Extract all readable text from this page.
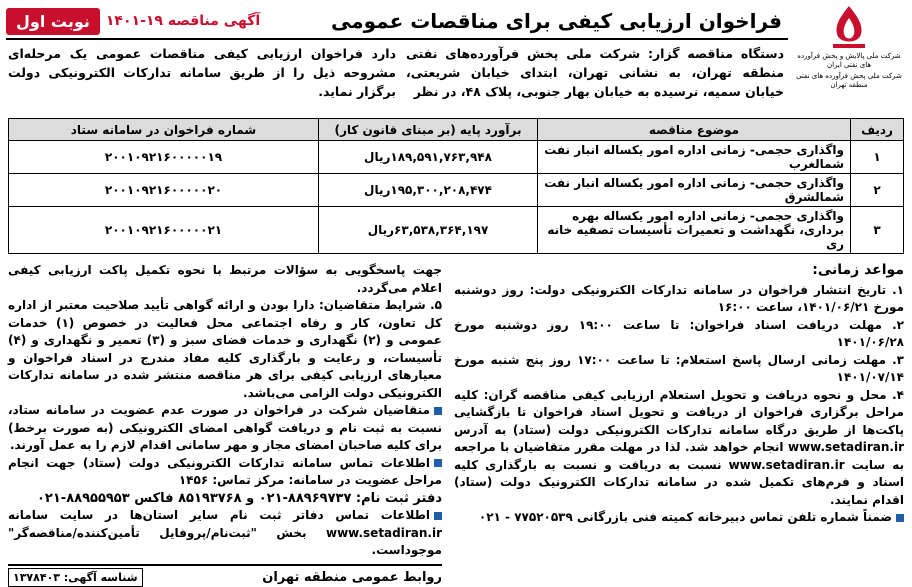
فراخوان ارزیابی کیفی برای مناقصات عمومی
آگهی مناقصه ۱۹-۱۴۰۱
نوبت اول
شرکت ملی پالایش و پخش فرآورده های نفتی ایران
شرکت ملی پخش فرآورده های نفتی منطقه تهران
دستگاه مناقصه گزار: شرکت ملی پخش فرآورده‌های نفتی منطقه تهران، به نشانی تهران، ابتدای خیابان شریعتی، خیابان سمیه، نرسیده به خیابان بهار جنوبی، پلاک ۴۸، در نظر
دارد فراخوان ارزیابی کیفی مناقصات عمومی یک مرحله‌ای مشروحه ذیل را از طریق سامانه تدارکات الکترونیکی دولت برگزار نماید.
ردیف	موضوع مناقصه	برآورد پایه (بر مبنای قانون کار)	شماره فراخوان در سامانه ستاد
۱	واگذاری حجمی- زمانی اداره امور یکساله انبار نفت شمالغرب	۱۸۹,۵۹۱,۷۶۳,۹۴۸ریال	۲۰۰۱۰۹۲۱۶۰۰۰۰۰۱۹
۲	واگذاری حجمی- زمانی اداره امور یکساله انبار نفت شمالشرق	۱۹۵,۳۰۰,۲۰۸,۴۷۴ریال	۲۰۰۱۰۹۲۱۶۰۰۰۰۰۲۰
۳	واگذاری حجمی- زمانی اداره امور یکساله بهره برداری، نگهداشت و تعمیرات تأسیسات تصفیه خانه ری	۶۳,۵۳۸,۳۶۴,۱۹۷ریال	۲۰۰۱۰۹۲۱۶۰۰۰۰۰۲۱
مواعد زمانی:

۱. تاریخ انتشار فراخوان در سامانه تدارکات الکترونیکی دولت: روز دوشنبه مورخ ۱۴۰۱/۰۶/۲۱، ساعت ۱۶:۰۰

۲. مهلت دریافت اسناد فراخوان: تا ساعت ۱۹:۰۰ روز دوشنبه مورخ ۱۴۰۱/۰۶/۲۸

۳. مهلت زمانی ارسال پاسخ استعلام: تا ساعت ۱۷:۰۰ روز پنج شنبه مورخ ۱۴۰۱/۰۷/۱۴

۴. محل و نحوه دریافت و تحویل استعلام ارزیابی کیفی مناقصه گران: کلیه مراحل برگزاری فراخوان از دریافت و تحویل اسناد فراخوان تا بازگشایی پاکت‌ها از طریق درگاه سامانه تدارکات الکترونیکی دولت (ستاد) به آدرس www.setadiran.ir انجام خواهد شد. لذا در مهلت مقرر متقاضیان با مراجعه به سایت www.setadiran.ir نسبت به دریافت و نسبت به بارگذاری کلیه اسناد و فرم‌های تکمیل شده در سامانه تدارکات الکترونیک دولت (ستاد) اقدام نمایند.

ضمناً شماره تلفن تماس دبیرخانه کمیته فنی بازرگانی ۷۷۵۲۰۵۳۹ - ۰۲۱

جهت پاسخگویی به سؤالات مرتبط با نحوه تکمیل پاکت ارزیابی کیفی اعلام می‌گردد.

۵. شرایط متقاضیان: دارا بودن و ارائه گواهی تأیید صلاحیت معتبر از اداره کل تعاون، کار و رفاه اجتماعی محل فعالیت در خصوص (۱) خدمات عمومی و (۲) نگهداری و خدمات فضای سبز و (۳) تعمیر و نگهداری و (۴) تأسیسات، و رعایت و بارگذاری کلیه مفاد مندرج در اسناد فراخوان و معیارهای ارزیابی کیفی برای هر مناقصه منتشر شده در سامانه تدارکات الکترونیکی دولت الزامی می‌باشد.

متقاضیان شرکت در فراخوان در صورت عدم عضویت در سامانه ستاد، نسبت به ثبت نام و دریافت گواهی امضای الکترونیکی (به صورت برخط) برای کلیه صاحبان امضای مجاز و مهر سامانی اقدام لازم را به عمل آورند.

اطلاعات تماس سامانه تدارکات الکترونیکی دولت (ستاد) جهت انجام مراحل عضویت در سامانه: مرکز تماس: ۱۴۵۶

دفتر ثبت نام: ۸۸۹۶۹۷۳۷-۰۲۱ و ۸۵۱۹۳۷۶۸ فاکس ۸۸۹۵۵۹۵۳-۰۲۱

اطلاعات تماس دفاتر ثبت نام سایر استان‌ها در سایت سامانه www.setadiran.ir بخش "ثبت‌نام/پروفایل تأمین‌کننده/مناقصه‌گر" موجوداست.

روابط عمومی منطقه تهران
شناسه آگهی: ۱۳۷۸۴۰۳
